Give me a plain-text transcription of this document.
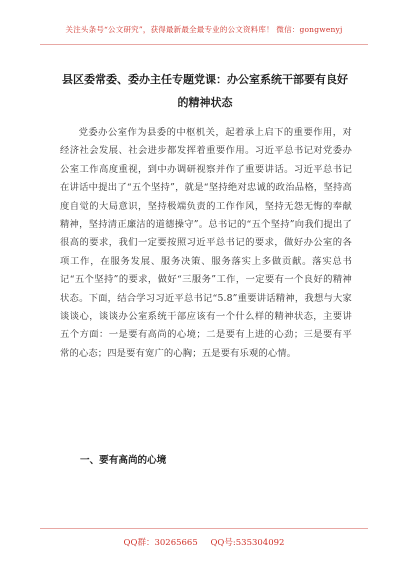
关注头条号“公文研究”，获得最新最全最专业的公文资料库！ 微信：gongwenyj
县区委常委、委办主任专题党课：办公室系统干部要有良好的精神状态

党委办公室作为县委的中枢机关，起着承上启下的重要作用，对经济社会发展、社会进步都发挥着重要作用。习近平总书记对党委办公室工作高度重视，到中办调研视察并作了重要讲话。习近平总书记在讲话中提出了“五个坚持”，就是“坚持绝对忠诚的政治品格，坚持高度自觉的大局意识，坚持极端负责的工作作风，坚持无怨无悔的奉献精神，坚持清正廉洁的道德操守”。总书记的“五个坚持”向我们提出了很高的要求，我们一定要按照习近平总书记的要求，做好办公室的各项工作，在服务发展、服务决策、服务落实上多做贡献。落实总书记“五个坚持”的要求，做好“三服务”工作，一定要有一个良好的精神状态。下面，结合学习习近平总书记“5.8”重要讲话精神，我想与大家谈谈心，谈谈办公室系统干部应该有一个什么样的精神状态，主要讲五个方面：一是要有高尚的心境；二是要有上进的心劲；三是要有平常的心态；四是要有宽广的心胸；五是要有乐观的心情。

一、要有高尚的心境
QQ群：30265665 QQ号:535304092
